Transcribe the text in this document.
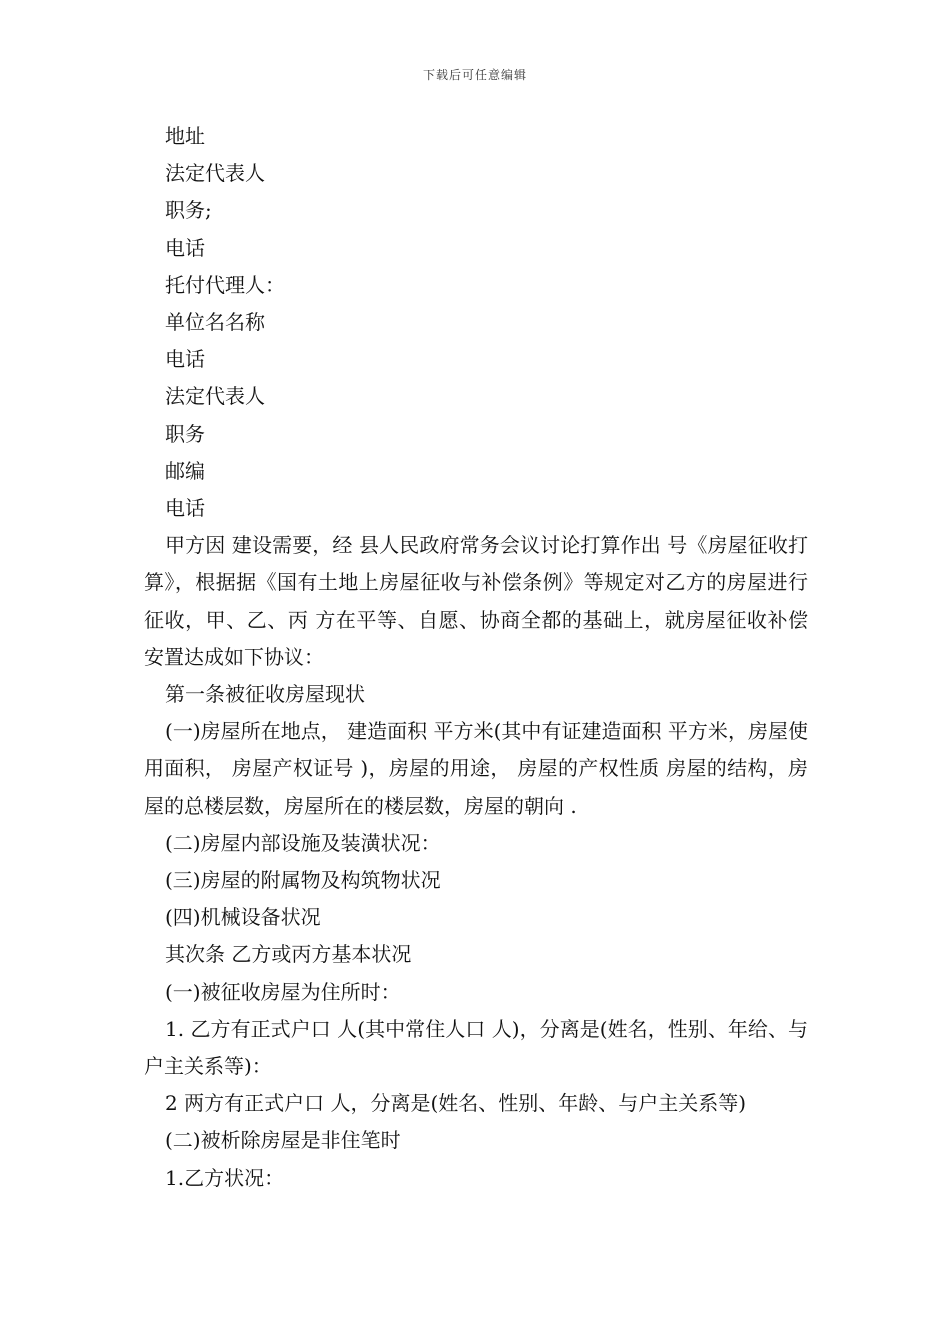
下载后可任意编辑
地址
法定代表人
职务;
电话
托付代理人：
单位名名称
电话
法定代表人
职务
邮编
电话
甲方因 建设需要，经 县人民政府常务会议讨论打算作出 号《房屋征收打算》，根据据《国有土地上房屋征收与补偿条例》等规定对乙方的房屋进行征收，甲、乙、丙 方在平等、自愿、协商全都的基础上，就房屋征收补偿安置达成如下协议：
第一条被征收房屋现状
(一)房屋所在地点， 建造面积 平方米(其中有证建造面积 平方米，房屋使用面积， 房屋产权证号 )，房屋的用途， 房屋的产权性质 房屋的结构，房屋的总楼层数，房屋所在的楼层数，房屋的朝向 .
(二)房屋内部设施及装潢状况：
(三)房屋的附属物及构筑物状况
(四)机械设备状况
其次条 乙方或丙方基本状况
(一)被征收房屋为住所时：
1. 乙方有正式户口 人(其中常住人口 人)，分离是(姓名，性别、年给、与户主关系等)：
2 两方有正式户口 人，分离是(姓名、性别、年龄、与户主关系等)
(二)被析除房屋是非住笔时
1.乙方状况：
